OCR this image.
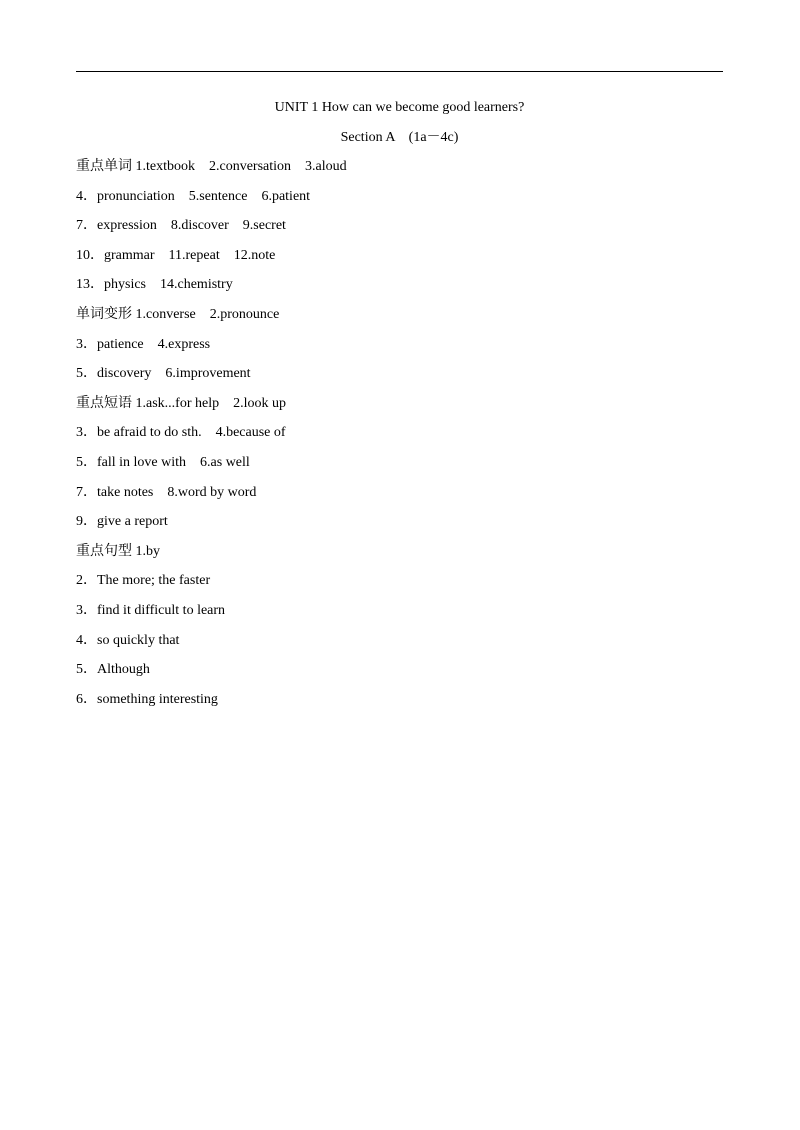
UNIT 1 How can we become good learners?
Section A　(1a－4c)
重点单词 1.textbook　2.conversation　3.aloud
4．pronunciation　5.sentence　6.patient
7．expression　8.discover　9.secret
10．grammar　11.repeat　12.note
13．physics　14.chemistry
单词变形 1.converse　2.pronounce
3．patience　4.express
5．discovery　6.improvement
重点短语 1.ask...for help　2.look up
3．be afraid to do sth.　4.because of
5．fall in love with　6.as well
7．take notes　8.word by word
9．give a report
重点句型 1.by
2．The more; the faster
3．find it difficult to learn
4．so quickly that
5．Although
6．something interesting
